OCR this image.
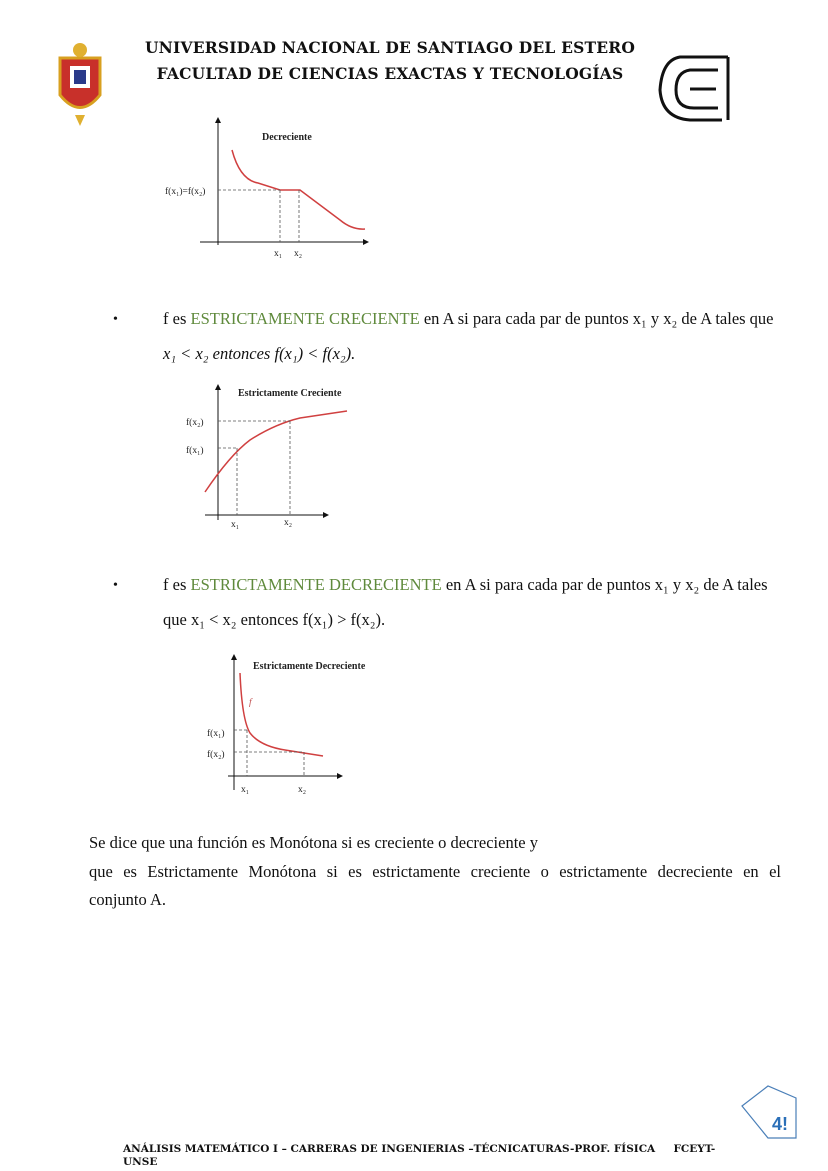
Decreciente
f(x₁)=f(x₂)
x₁ x₂
Estrictamente Creciente
f(x₂)
f(x₁)
x₁	x₂
Estrictamente Decreciente
f
f(x₁)
f(x₂)
x₁	x₂
UNIVERSIDAD NACIONAL DE SANTIAGO DEL ESTERO
FACULTAD DE CIENCIAS EXACTAS Y TECNOLOGÍAS
•	f es ESTRICTAMENTE CRECIENTE en A si para cada par de puntos x₁ y x₂ de A tales que
x₁ < x₂ entonces f(x₁) < f(x₂).
•	f es ESTRICTAMENTE DECRECIENTE en A si para cada par de puntos x₁ y x₂ de A tales
que x₁ < x₂ entonces f(x₁) > f(x₂).
Se dice que una función es Monótona si es creciente o decreciente y
que es Estrictamente Monótona si es estrictamente creciente o estrictamente decreciente en el
conjunto A.
4!
ANÁLISIS MATEMÁTICO I – CARRERAS DE INGENIERIAS –TÉCNICATURAS-PROF. FÍSICA     FCEYT-
UNSE
